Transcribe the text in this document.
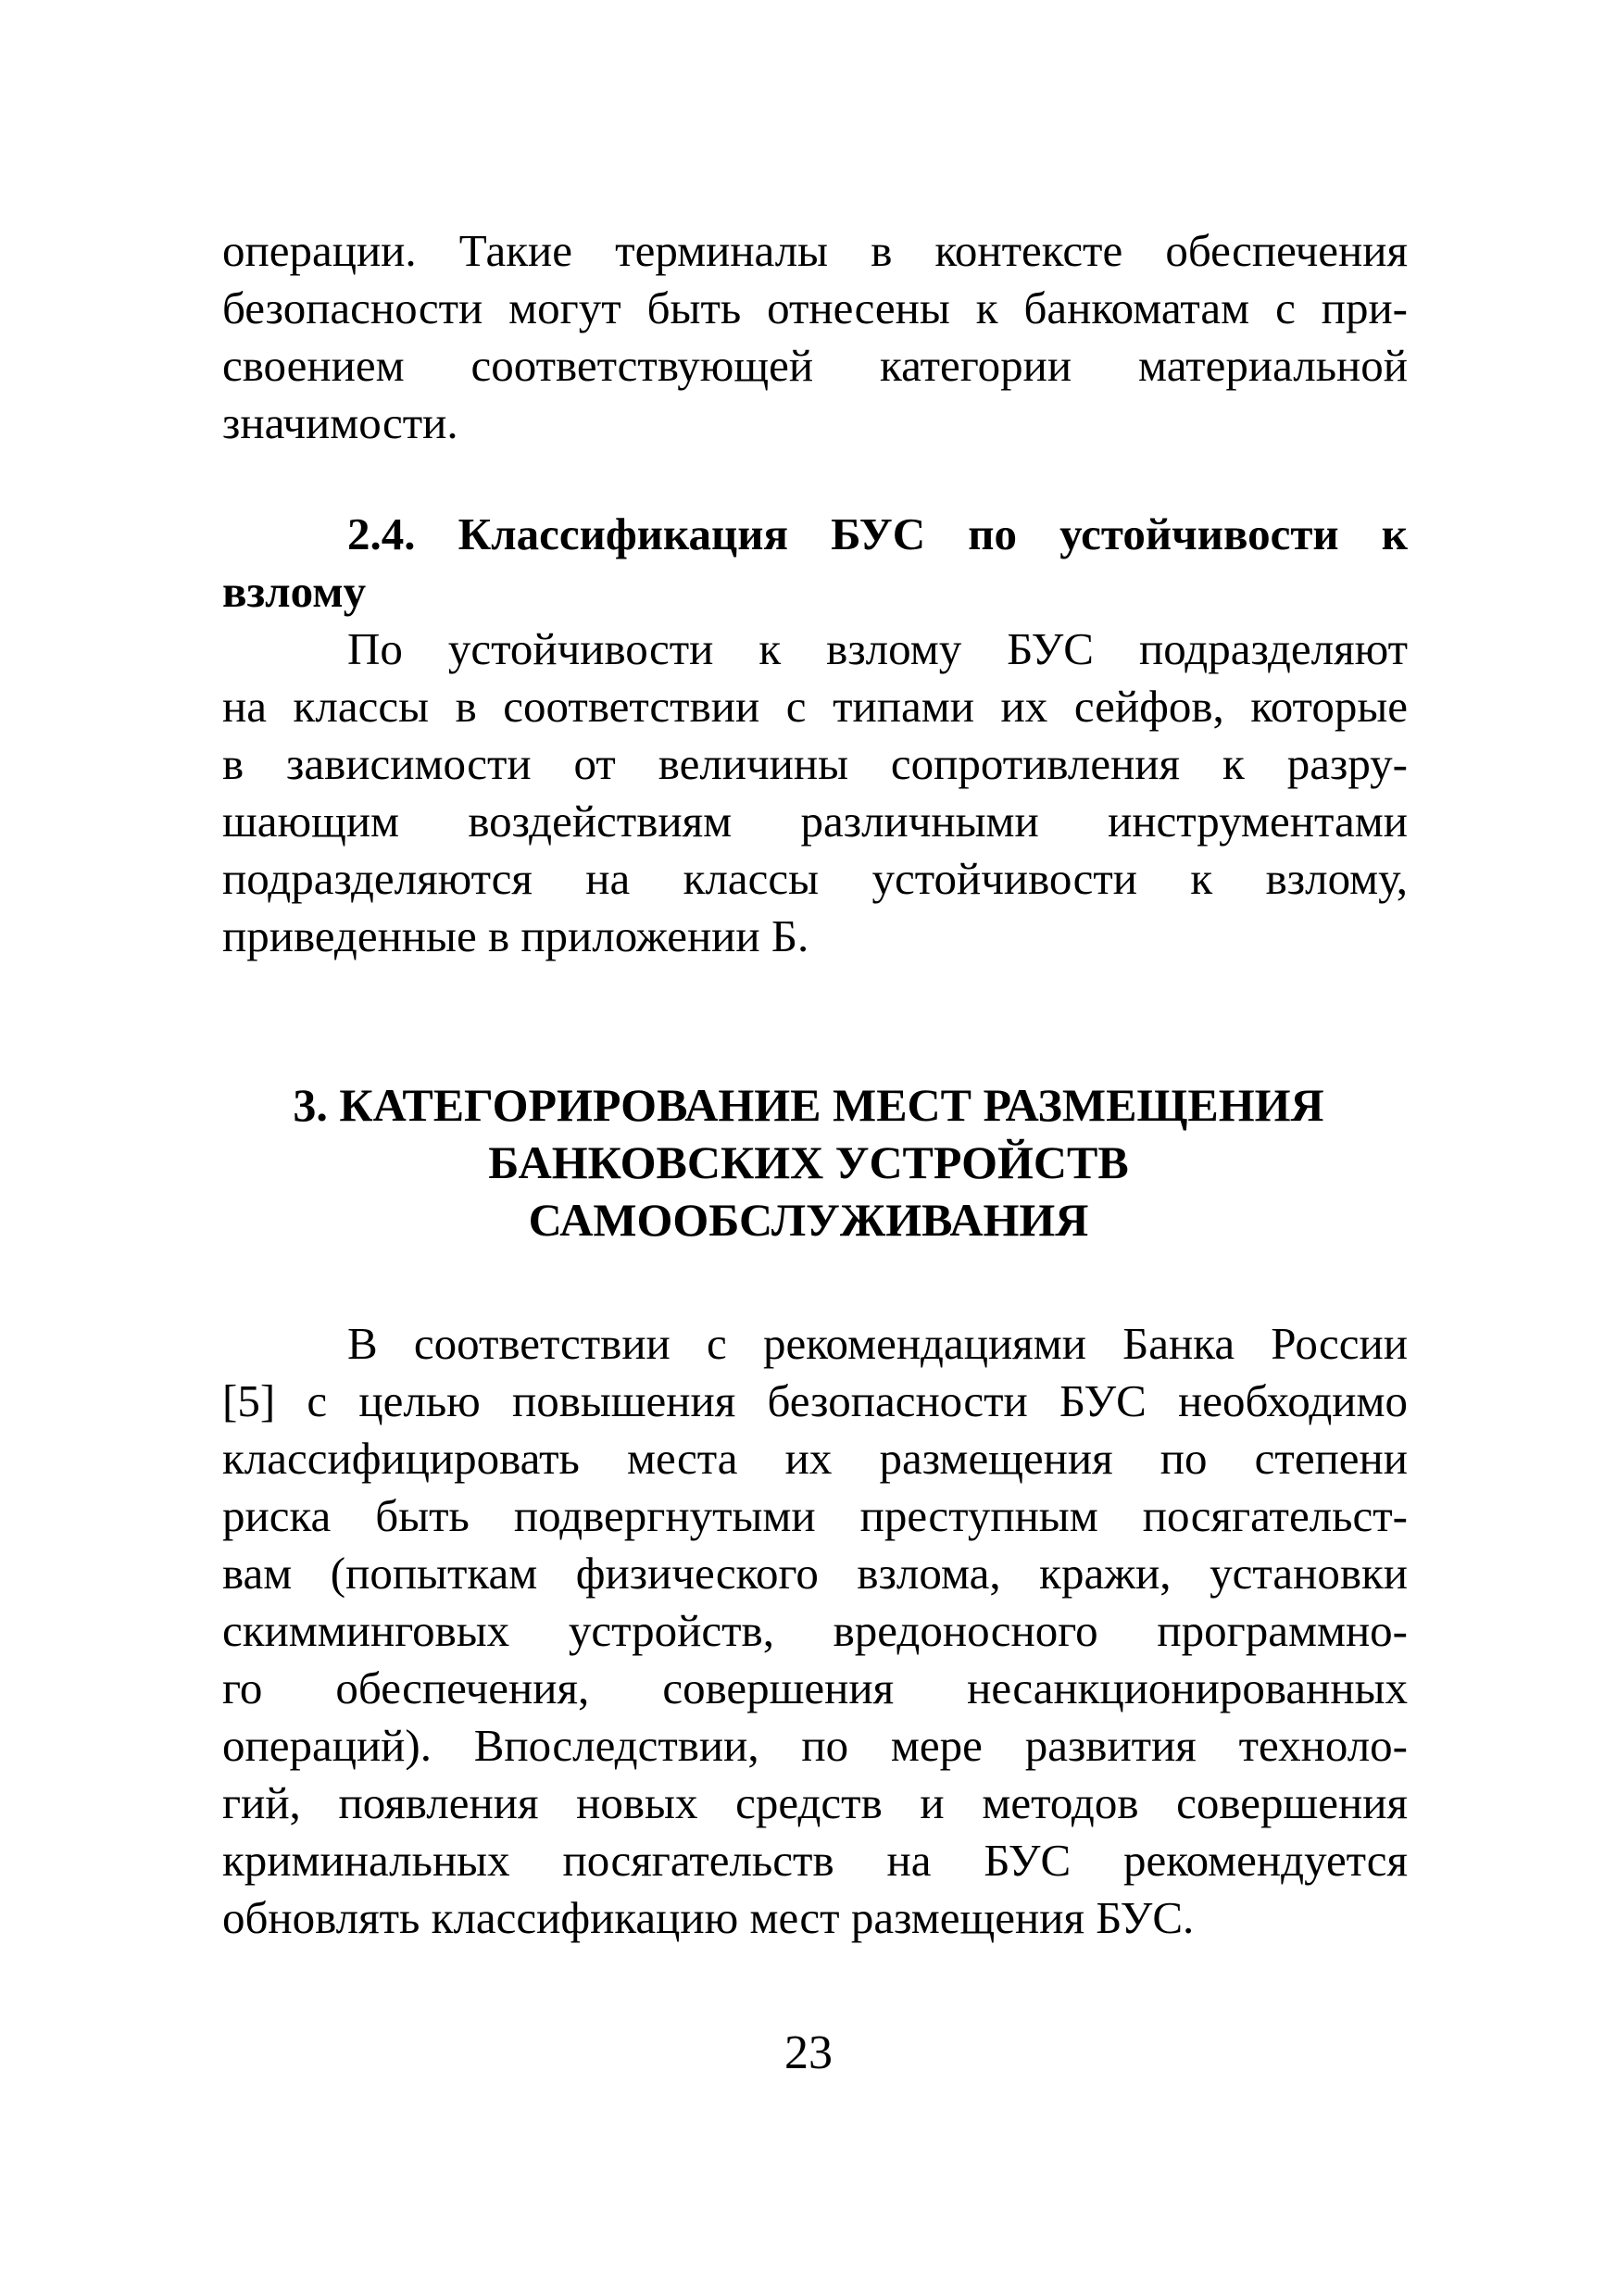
операции. Такие терминалы в контексте обеспечения
безопасности могут быть отнесены к банкоматам с при-
своением соответствующей категории материальной
значимости.
2.4. Классификация БУС по устойчивости к
взлому
По устойчивости к взлому БУС подразделяют
на классы в соответствии с типами их сейфов, которые
в зависимости от величины сопротивления к разру-
шающим воздействиям различными инструментами
подразделяются на классы устойчивости к взлому,
приведенные в приложении Б.
3. КАТЕГОРИРОВАНИЕ МЕСТ РАЗМЕЩЕНИЯ
БАНКОВСКИХ УСТРОЙСТВ
САМООБСЛУЖИВАНИЯ
В соответствии с рекомендациями Банка России
[5] с целью повышения безопасности БУС необходимо
классифицировать места их размещения по степени
риска быть подвергнутыми преступным посягательст-
вам (попыткам физического взлома, кражи, установки
скимминговых устройств, вредоносного программно-
го обеспечения, совершения несанкционированных
операций). Впоследствии, по мере развития техноло-
гий, появления новых средств и методов совершения
криминальных посягательств на БУС рекомендуется
обновлять классификацию мест размещения БУС.
23
